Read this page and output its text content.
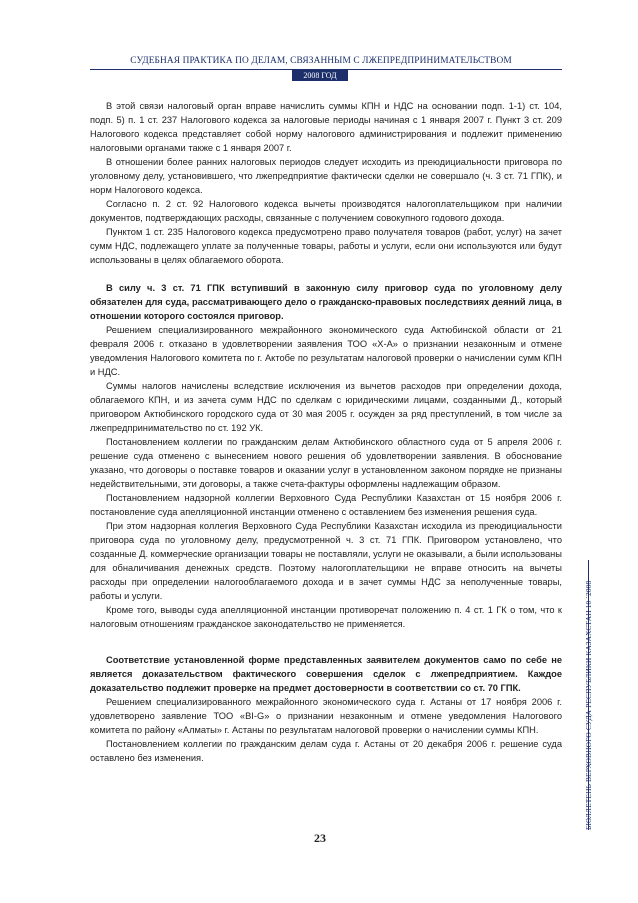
СУДЕБНАЯ ПРАКТИКА ПО ДЕЛАМ, СВЯЗАННЫМ С ЛЖЕПРЕДПРИНИМАТЕЛЬСТВОМ
2008 ГОД

В этой связи налоговый орган вправе начислить суммы КПН и НДС на основании подп. 1-1) ст. 104, подп. 5) п. 1 ст. 237 Налогового кодекса за налоговые периоды начиная с 1 января 2007 г. Пункт 3 ст. 209 Налогового кодекса представляет собой норму налогового администрирования и подлежит применению налоговыми органами также с 1 января 2007 г.

В отношении более ранних налоговых периодов следует исходить из преюдициальности приговора по уголовному делу, установившего, что лжепредприятие фактически сделки не совершало (ч. 3 ст. 71 ГПК), и норм Налогового кодекса.

Согласно п. 2 ст. 92 Налогового кодекса вычеты производятся налогоплательщиком при наличии документов, подтверждающих расходы, связанные с получением совокупного годового дохода.

Пунктом 1 ст. 235 Налогового кодекса предусмотрено право получателя товаров (работ, услуг) на зачет сумм НДС, подлежащего уплате за полученные товары, работы и услуги, если они используются или будут использованы в целях облагаемого оборота.

В силу ч. 3 ст. 71 ГПК вступивший в законную силу приговор суда по уголовному делу обязателен для суда, рассматривающего дело о гражданско-правовых последствиях деяний лица, в отношении которого состоялся приговор.

Решением специализированного межрайонного экономического суда Актюбинской области от 21 февраля 2006 г. отказано в удовлетворении заявления ТОО «Х-А» о признании незаконным и отмене уведомления Налогового комитета по г. Актобе по результатам налоговой проверки о начислении сумм КПН и НДС.

Суммы налогов начислены вследствие исключения из вычетов расходов при определении дохода, облагаемого КПН, и из зачета сумм НДС по сделкам с юридическими лицами, созданными Д., который приговором Актюбинского городского суда от 30 мая 2005 г. осужден за ряд преступлений, в том числе за лжепредпринимательство по ст. 192 УК.

Постановлением коллегии по гражданским делам Актюбинского областного суда от 5 апреля 2006 г. решение суда отменено с вынесением нового решения об удовлетворении заявления. В обоснование указано, что договоры о поставке товаров и оказании услуг в установленном законом порядке не признаны недействительными, эти договоры, а также счета-фактуры оформлены надлежащим образом.

Постановлением надзорной коллегии Верховного Суда Республики Казахстан от 15 ноября 2006 г. постановление суда апелляционной инстанции отменено с оставлением без изменения решения суда.

При этом надзорная коллегия Верховного Суда Республики Казахстан исходила из преюдициальности приговора суда по уголовному делу, предусмотренной ч. 3 ст. 71 ГПК. Приговором установлено, что созданные Д. коммерческие организации товары не поставляли, услуги не оказывали, а были использованы для обналичивания денежных средств. Поэтому налогоплательщики не вправе относить на вычеты расходы при определении налогооблагаемого дохода и в зачет суммы НДС за неполученные товары, работы и услуги.

Кроме того, выводы суда апелляционной инстанции противоречат положению п. 4 ст. 1 ГК о том, что к налоговым отношениям гражданское законодательство не применяется.

Соответствие установленной форме представленных заявителем документов само по себе не является доказательством фактического совершения сделок с лжепредприятием. Каждое доказательство подлежит проверке на предмет достоверности в соответствии со ст. 70 ГПК.

Решением специализированного межрайонного экономического суда г. Астаны от 17 ноября 2006 г. удовлетворено заявление ТОО «BI-G» о признании незаконным и отмене уведомления Налогового комитета по району «Алматы» г. Астаны по результатам налоговой проверки о начислении суммы КПН.

Постановлением коллегии по гражданским делам суда г. Астаны от 20 декабря 2006 г. решение суда оставлено без изменения.	БЮЛЛЕТЕНЬ ВЕРХОВНОГО СУДА РЕСПУБЛИКИ КАЗАХСТАН 10 `2008
23
